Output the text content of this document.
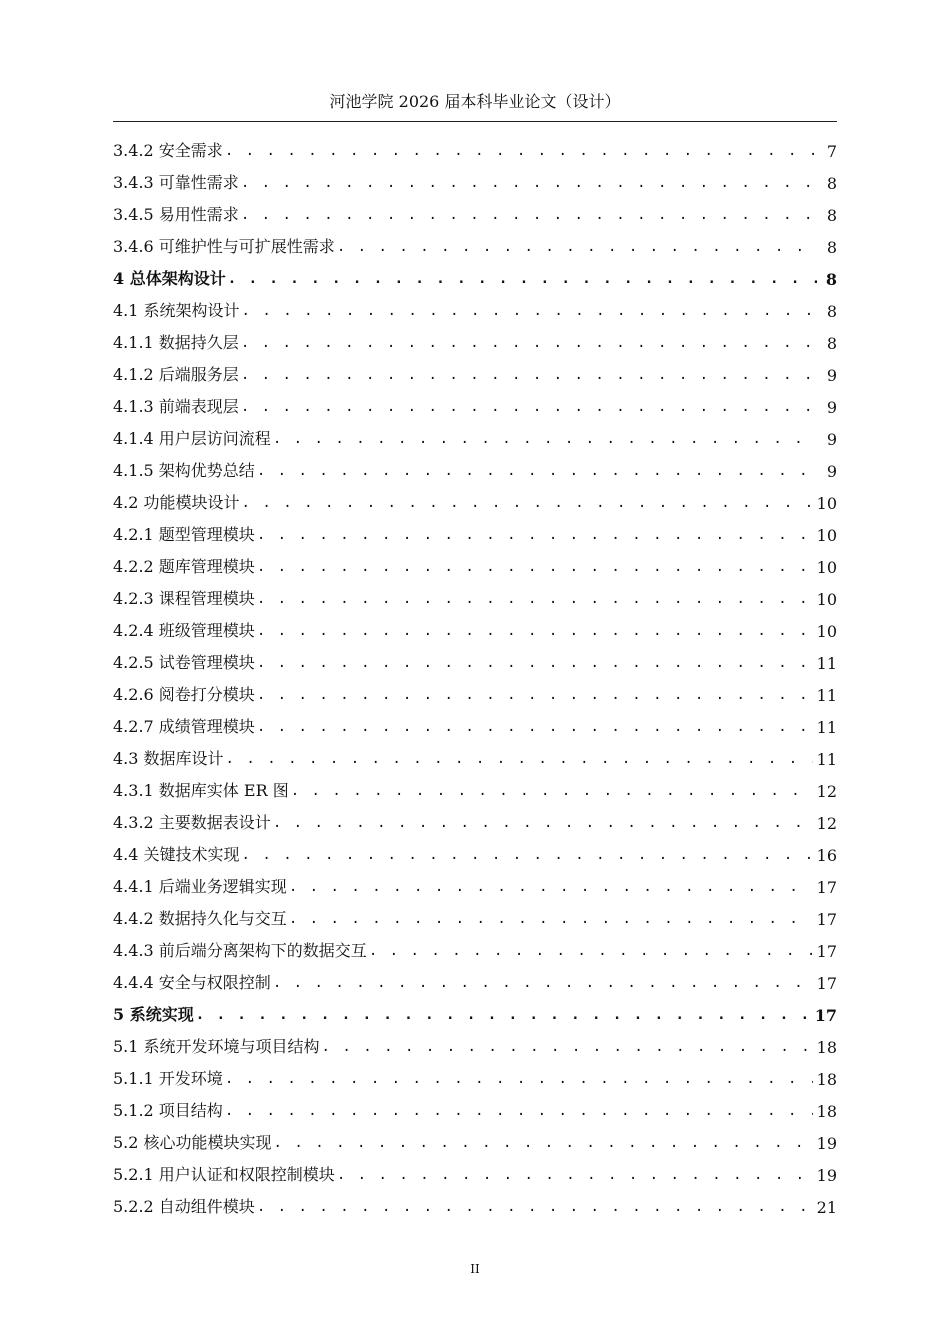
河池学院 2026 届本科毕业论文（设计）
3.4.2 安全需求 . . .	7
3.4.3 可靠性需求 . . .	8
3.4.5 易用性需求 . . .	8
3.4.6 可维护性与可扩展性需求 . . .	8
4 总体架构设计 . . .	8
4.1 系统架构设计 . . .	8
4.1.1 数据持久层 . . .	8
4.1.2 后端服务层 . . .	9
4.1.3 前端表现层 . . .	9
4.1.4 用户层访问流程 . . .	9
4.1.5 架构优势总结 . . .	9
4.2 功能模块设计 . . .	10
4.2.1 题型管理模块 . . .	10
4.2.2 题库管理模块 . . .	10
4.2.3 课程管理模块 . . .	10
4.2.4 班级管理模块 . . .	10
4.2.5 试卷管理模块 . . .	11
4.2.6 阅卷打分模块 . . .	11
4.2.7 成绩管理模块 . . .	11
4.3 数据库设计 . . .	11
4.3.1 数据库实体 ER 图 . . .	12
4.3.2 主要数据表设计 . . .	12
4.4 关键技术实现 . . .	16
4.4.1 后端业务逻辑实现 . . .	17
4.4.2 数据持久化与交互 . . .	17
4.4.3 前后端分离架构下的数据交互 . . .	17
4.4.4 安全与权限控制 . . .	17
5 系统实现 . . .	17
5.1 系统开发环境与项目结构 . . .	18
5.1.1 开发环境 . . .	18
5.1.2 项目结构 . . .	18
5.2 核心功能模块实现 . . .	19
5.2.1 用户认证和权限控制模块 . . .	19
5.2.2 自动组件模块 . . .	21
II
